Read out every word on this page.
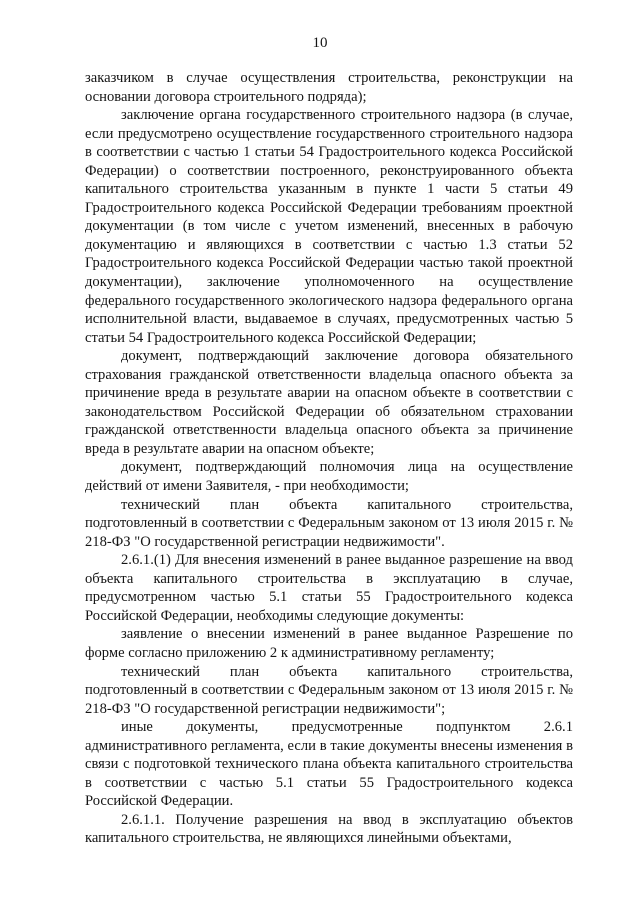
10

заказчиком в случае осуществления строительства, реконструкции на основании договора строительного подряда);

заключение органа государственного строительного надзора (в случае, если предусмотрено осуществление государственного строительного надзора в соответствии с частью 1 статьи 54 Градостроительного кодекса Российской Федерации) о соответствии построенного, реконструированного объекта капитального строительства указанным в пункте 1 части 5 статьи 49 Градостроительного кодекса Российской Федерации требованиям проектной документации (в том числе с учетом изменений, внесенных в рабочую документацию и являющихся в соответствии с частью 1.3 статьи 52 Градостроительного кодекса Российской Федерации частью такой проектной документации), заключение уполномоченного на осуществление федерального государственного экологического надзора федерального органа исполнительной власти, выдаваемое в случаях, предусмотренных частью 5 статьи 54 Градостроительного кодекса Российской Федерации;

документ, подтверждающий заключение договора обязательного страхования гражданской ответственности владельца опасного объекта за причинение вреда в результате аварии на опасном объекте в соответствии с законодательством Российской Федерации об обязательном страховании гражданской ответственности владельца опасного объекта за причинение вреда в результате аварии на опасном объекте;

документ, подтверждающий полномочия лица на осуществление действий от имени Заявителя, - при необходимости;

технический план объекта капитального строительства, подготовленный в соответствии с Федеральным законом от 13 июля 2015 г. № 218-ФЗ "О государственной регистрации недвижимости".

2.6.1.(1) Для внесения изменений в ранее выданное разрешение на ввод объекта капитального строительства в эксплуатацию в случае, предусмотренном частью 5.1 статьи 55 Градостроительного кодекса Российской Федерации, необходимы следующие документы:

заявление о внесении изменений в ранее выданное Разрешение по форме согласно приложению 2 к административному регламенту;

технический план объекта капитального строительства, подготовленный в соответствии с Федеральным законом от 13 июля 2015 г. № 218-ФЗ "О государственной регистрации недвижимости";

иные документы, предусмотренные подпунктом 2.6.1 административного регламента, если в такие документы внесены изменения в связи с подготовкой технического плана объекта капитального строительства в соответствии с частью 5.1 статьи 55 Градостроительного кодекса Российской Федерации.

2.6.1.1. Получение разрешения на ввод в эксплуатацию объектов капитального строительства, не являющихся линейными объектами,
